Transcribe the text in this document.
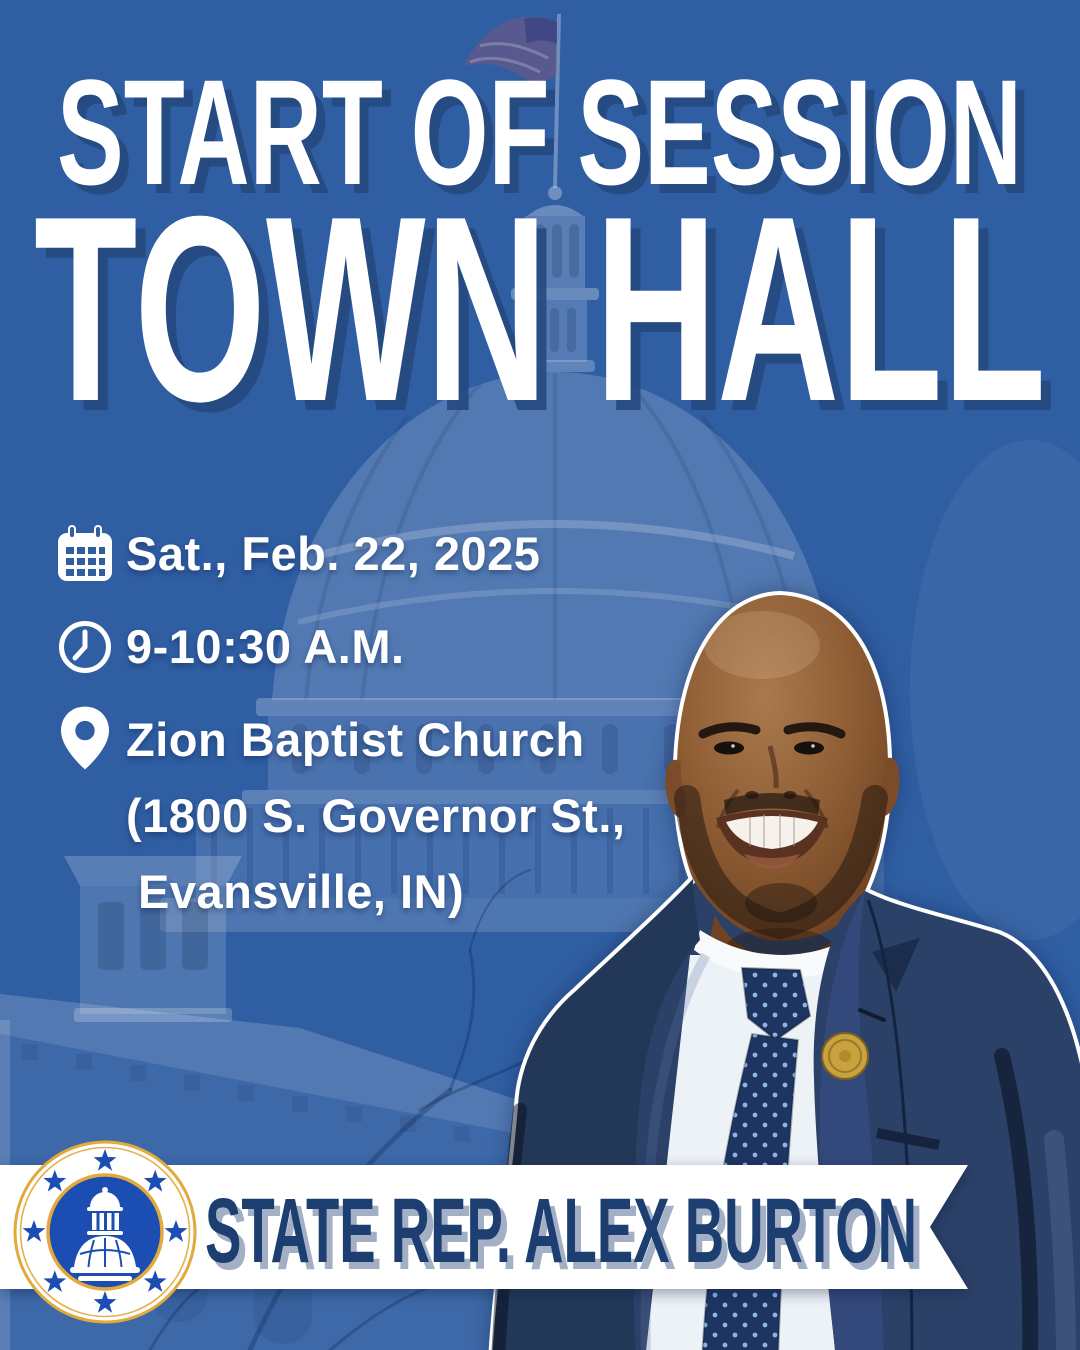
START OF SESSION
START OF SESSION
TOWN HALL
TOWN HALL
Sat., Feb. 22, 2025
9-10:30 A.M.
Zion Baptist Church
(1800 S. Governor St.,
Evansville, IN)
STATE REP. ALEX BURTON
STATE REP. ALEX BURTON
